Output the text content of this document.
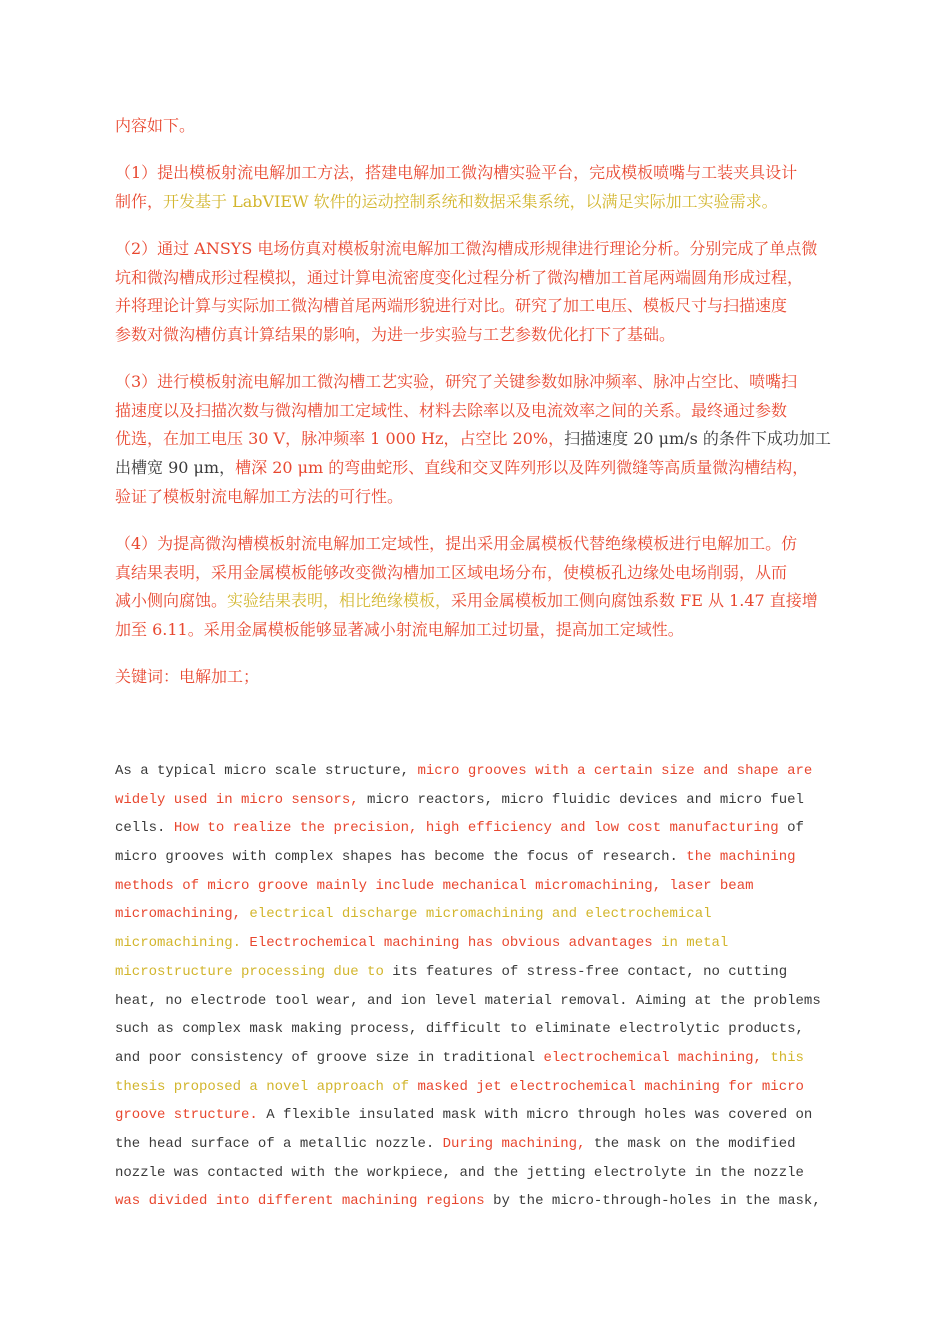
内容如下。
（1）提出模板射流电解加工方法，搭建电解加工微沟槽实验平台，完成模板喷嘴与工装夹具设计
制作，开发基于 LabVIEW 软件的运动控制系统和数据采集系统，以满足实际加工实验需求。
（2）通过 ANSYS 电场仿真对模板射流电解加工微沟槽成形规律进行理论分析。分别完成了单点微
坑和微沟槽成形过程模拟，通过计算电流密度变化过程分析了微沟槽加工首尾两端圆角形成过程，
并将理论计算与实际加工微沟槽首尾两端形貌进行对比。研究了加工电压、模板尺寸与扫描速度
参数对微沟槽仿真计算结果的影响，为进一步实验与工艺参数优化打下了基础。
（3）进行模板射流电解加工微沟槽工艺实验，研究了关键参数如脉冲频率、脉冲占空比、喷嘴扫
描速度以及扫描次数与微沟槽加工定域性、材料去除率以及电流效率之间的关系。最终通过参数
优选，在加工电压 30 V，脉冲频率 1 000 Hz，占空比 20%，扫描速度 20 μm/s 的条件下成功加工
出槽宽 90 μm，槽深 20 μm 的弯曲蛇形、直线和交叉阵列形以及阵列微缝等高质量微沟槽结构，
验证了模板射流电解加工方法的可行性。
（4）为提高微沟槽模板射流电解加工定域性，提出采用金属模板代替绝缘模板进行电解加工。仿
真结果表明，采用金属模板能够改变微沟槽加工区域电场分布，使模板孔边缘处电场削弱，从而
减小侧向腐蚀。实验结果表明，相比绝缘模板，采用金属模板加工侧向腐蚀系数 FE 从 1.47 直接增
加至 6.11。采用金属模板能够显著减小射流电解加工过切量，提高加工定域性。
关键词：电解加工；
As a typical micro scale structure, micro grooves with a certain size and shape are
widely used in micro sensors, micro reactors, micro fluidic devices and micro fuel
cells. How to realize the precision, high efficiency and low cost manufacturing of
micro grooves with complex shapes has become the focus of research. the machining
methods of micro groove mainly include mechanical micromachining, laser beam
micromachining, electrical discharge micromachining and electrochemical
micromachining. Electrochemical machining has obvious advantages in metal
microstructure processing due to its features of stress-free contact, no cutting
heat, no electrode tool wear, and ion level material removal. Aiming at the problems
such as complex mask making process, difficult to eliminate electrolytic products,
and poor consistency of groove size in traditional electrochemical machining, this
thesis proposed a novel approach of masked jet electrochemical machining for micro
groove structure. A flexible insulated mask with micro through holes was covered on
the head surface of a metallic nozzle. During machining, the mask on the modified
nozzle was contacted with the workpiece, and the jetting electrolyte in the nozzle
was divided into different machining regions by the micro-through-holes in the mask,
